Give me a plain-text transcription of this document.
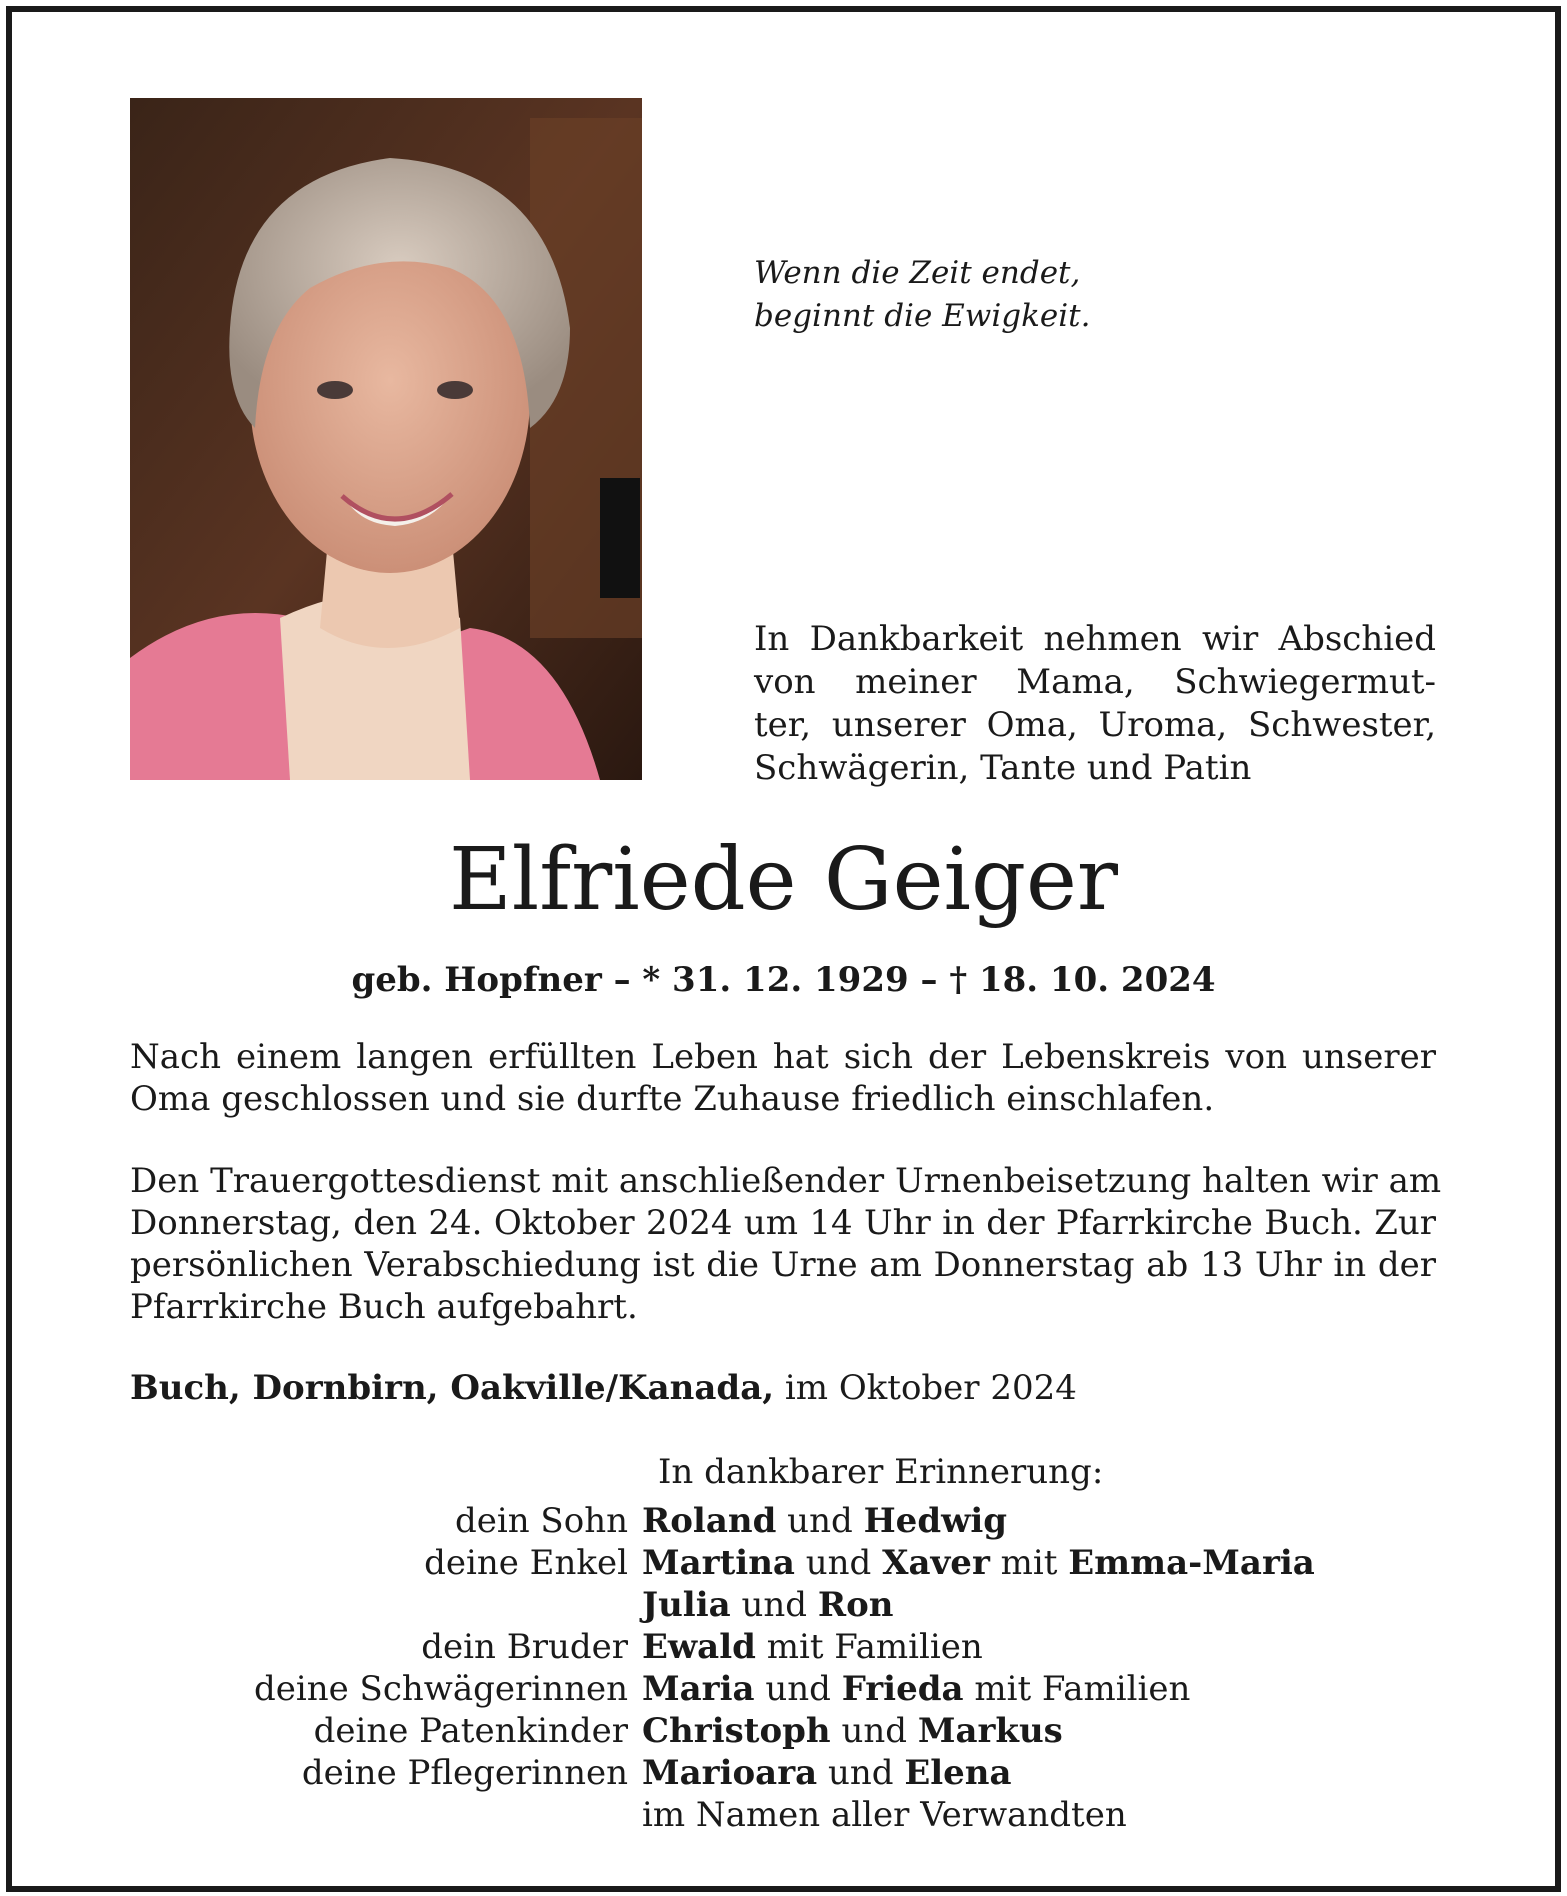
Wenn die Zeit endet,
beginnt die Ewigkeit.
In Dankbarkeit nehmen wir Abschied
von meiner Mama, Schwiegermut-
ter, unserer Oma, Uroma, Schwester,
Schwägerin, Tante und Patin
Elfriede Geiger
geb. Hopfner – * 31. 12. 1929 – † 18. 10. 2024
Nach einem langen erfüllten Leben hat sich der Lebenskreis von unserer
Oma geschlossen und sie durfte Zuhause friedlich einschlafen.
Den Trauergottesdienst mit anschließender Urnenbeisetzung halten wir am
Donnerstag, den 24. Oktober 2024 um 14 Uhr in der Pfarrkirche Buch. Zur
persönlichen Verabschiedung ist die Urne am Donnerstag ab 13 Uhr in der
Pfarrkirche Buch aufgebahrt.
Buch, Dornbirn, Oakville/Kanada, im Oktober 2024
In dankbarer Erinnerung:
dein Sohn Roland und Hedwig
deine Enkel Martina und Xaver mit Emma-Maria
Julia und Ron
dein Bruder Ewald mit Familien
deine Schwägerinnen Maria und Frieda mit Familien
deine Patenkinder Christoph und Markus
deine Pflegerinnen Marioara und Elena
im Namen aller Verwandten
